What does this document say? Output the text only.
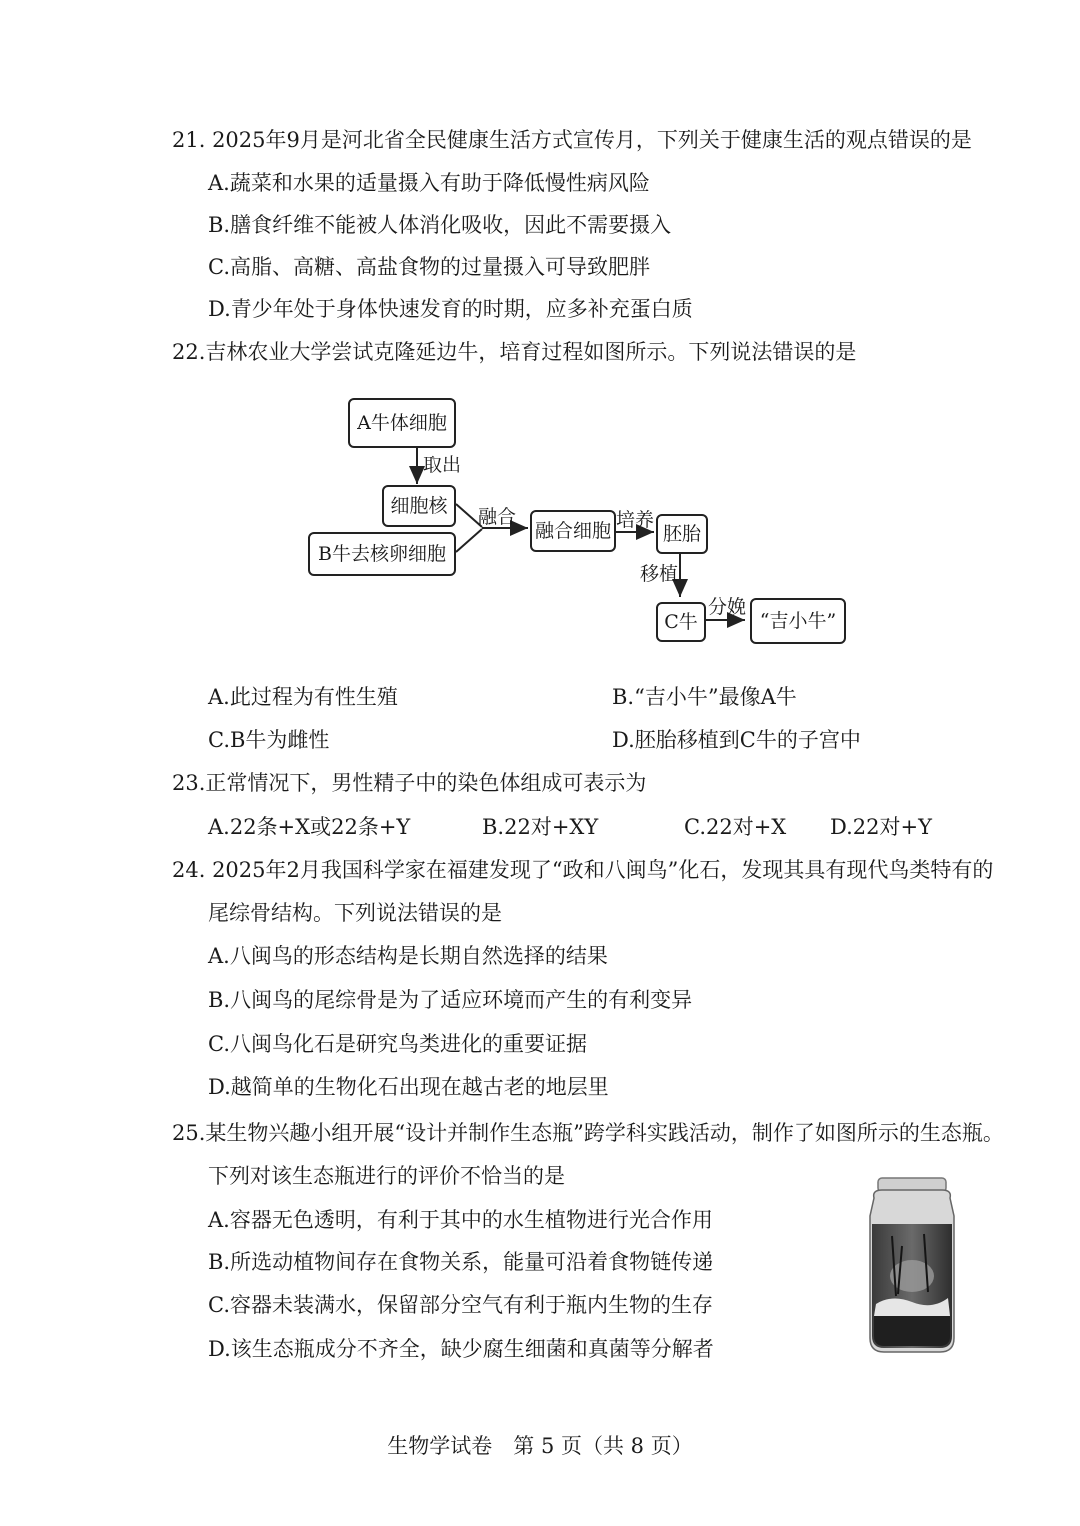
21. 2025年9月是河北省全民健康生活方式宣传月，下列关于健康生活的观点错误的是
A.蔬菜和水果的适量摄入有助于降低慢性病风险
B.膳食纤维不能被人体消化吸收，因此不需要摄入
C.高脂、高糖、高盐食物的过量摄入可导致肥胖
D.青少年处于身体快速发育的时期，应多补充蛋白质
22.吉林农业大学尝试克隆延边牛，培育过程如图所示。下列说法错误的是
A牛体细胞
取出
细胞核
B牛去核卵细胞
融合
融合细胞 培养
胚胎
移植
C牛
分娩
“吉小牛”
A.此过程为有性生殖	B.“吉小牛”最像A牛
C.B牛为雌性	D.胚胎移植到C牛的子宫中
23.正常情况下，男性精子中的染色体组成可表示为
A.22条+X或22条+Y	B.22对+XY	C.22对+X D.22对+Y
24. 2025年2月我国科学家在福建发现了“政和八闽鸟”化石，发现其具有现代鸟类特有的
尾综骨结构。下列说法错误的是
A.八闽鸟的形态结构是长期自然选择的结果
B.八闽鸟的尾综骨是为了适应环境而产生的有利变异
C.八闽鸟化石是研究鸟类进化的重要证据
D.越简单的生物化石出现在越古老的地层里
25.某生物兴趣小组开展“设计并制作生态瓶”跨学科实践活动，制作了如图所示的生态瓶。
下列对该生态瓶进行的评价不恰当的是
A.容器无色透明，有利于其中的水生植物进行光合作用
B.所选动植物间存在食物关系，能量可沿着食物链传递
C.容器未装满水，保留部分空气有利于瓶内生物的生存
D.该生态瓶成分不齐全，缺少腐生细菌和真菌等分解者
生物学试卷　第 5 页（共 8 页）
